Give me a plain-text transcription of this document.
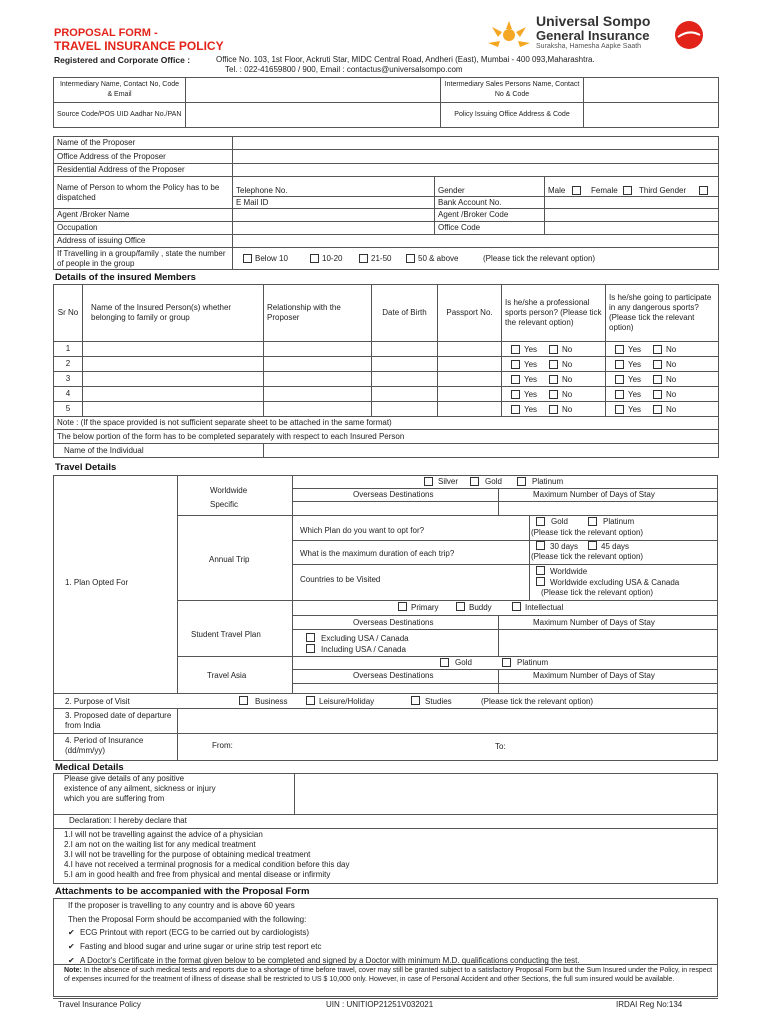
PROPOSAL FORM -
TRAVEL INSURANCE POLICY
Universal Sompo
General Insurance
Suraksha, Hamesha Aapke Saath
Registered and Corporate Office :	Office No. 103, 1st Floor, Ackruti Star, MIDC Central Road, Andheri (East), Mumbai - 400 093,Maharashtra.
Tel. : 022-41659800 / 900, Email : contactus@universalsompo.com
Intermediary Name, Contact No, Code & Email		Intermediary Sales Persons Name, Contact No & Code	
Source Code/POS UID Aadhar No./PAN		Policy Issuing Office Address & Code	
Name of the Proposer			
Office Address of the Proposer			
Residential Address of the Proposer			
Name of Person to whom the Policy has to be dispatched	Telephone No.	Gender	Male Female Third Gender

	E Mail ID	Bank Account No.	
Agent /Broker Name		Agent /Broker Code	
Occupation		Office Code	
Address of issuing Office			
If Travelling in a group/family , state the number of people in the group	Below 10 10-20 21-50 50 & above (Please tick the relevant option)		
Details of the insured Members
Sr No	Name of the Insured Person(s) whether belonging to family or group	Relationship with the Proposer	Date of Birth	Passport No.	Is he/she a professional sports person? (Please tick the relevant option)	Is he/she going to participate in any dangerous sports? (Please tick the relevant option)
1					Yes No	Yes No

2					Yes No	Yes No

3					Yes No	Yes No

4					Yes No	Yes No

5					Yes No	Yes No
Note : (If the space provided is not sufficient separate sheet to be attached in the same format)
The below portion of the form has to be completed separately with respect to each Insured Person
Name of the Individual	
Travel Details
1. Plan Opted For
Worldwide Specific
Silver	Gold	Platinum
Overseas Destinations	Maximum Number of Days of Stay
Annual Trip
Which Plan do you want to opt for?
Gold	Platinum
(Please tick the relevant option)
What is the maximum duration of each trip?
30 days	45 days
(Please tick the relevant option)
Countries to be Visited
Worldwide
Worldwide excluding USA & Canada
(Please tick the relevant option)
Student Travel Plan
Primary	Buddy	Intellectual
Overseas Destinations	Maximum Number of Days of Stay
Excluding USA / Canada
Including USA / Canada
Travel Asia
Gold	Platinum
Overseas Destinations	Maximum Number of Days of Stay
2. Purpose of Visit	Business	Leisure/Holiday	Studies	(Please tick the relevant option)
3. Proposed date of departure from India
4. Period of Insurance (dd/mm/yy)
From:	To:
Medical Details
Please give details of any positive existence of any ailment, sickness or injury which you are suffering from
Declaration: I hereby declare that
1.I will not be travelling against the advice of a physician
2.I am not on the waiting list for any medical treatment
3.I will not be travelling for the purpose of obtaining medical treatment
4.I have not received a terminal prognosis for a medical condition before this day
5.I am in good health and free from physical and mental disease or infirmity
Attachments to be accompanied with the Proposal Form
If the proposer is travelling to any country and is above 60 years
Then the Proposal Form should be accompanied with the following:
✔ ECG Printout with report (ECG to be carried out by cardiologists)
✔ Fasting and blood sugar and urine sugar or urine strip test report etc
✔ A Doctor's Certificate in the format given below to be completed and signed by a Doctor with minimum M.D. qualifications conducting the test.
Note: In the absence of such medical tests and reports due to a shortage of time before travel, cover may still be granted subject to a satisfactory Proposal Form but the Sum Insured under the Policy, in respect of expenses incurred for the treatment of illness of disease shall be restricted to US $ 10,000 only. However, in case of Personal Accident and other Sections, the full sum insured would be available.
Travel Insurance Policy	UIN : UNITIOP21251V032021	IRDAI Reg No:134
